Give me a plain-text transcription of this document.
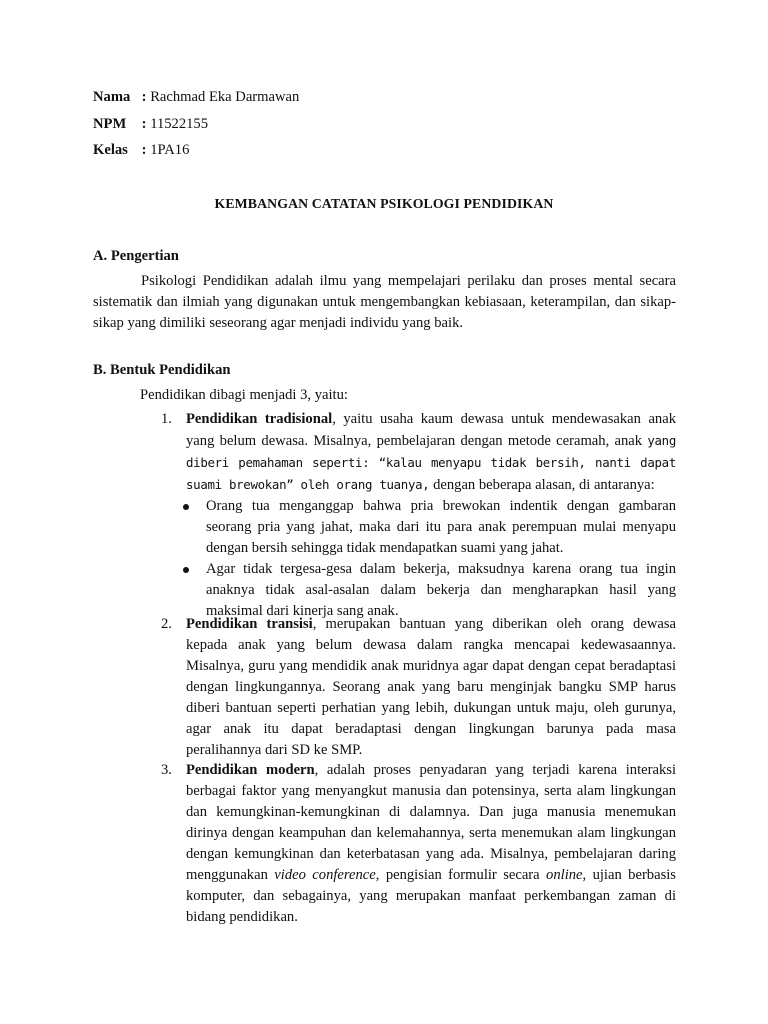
Nama : Rachmad Eka Darmawan
NPM : 11522155
Kelas : 1PA16
KEMBANGAN CATATAN PSIKOLOGI PENDIDIKAN
A. Pengertian
Psikologi Pendidikan adalah ilmu yang mempelajari perilaku dan proses mental secara sistematik dan ilmiah yang digunakan untuk mengembangkan kebiasaan, keterampilan, dan sikap-sikap yang dimiliki seseorang agar menjadi individu yang baik.
B. Bentuk Pendidikan
Pendidikan dibagi menjadi 3, yaitu:
1. Pendidikan tradisional, yaitu usaha kaum dewasa untuk mendewasakan anak yang belum dewasa. Misalnya, pembelajaran dengan metode ceramah, anak yang diberi pemahaman seperti: “kalau menyapu tidak bersih, nanti dapat suami brewokan” oleh orang tuanya, dengan beberapa alasan, di antaranya:
Orang tua menganggap bahwa pria brewokan indentik dengan gambaran seorang pria yang jahat, maka dari itu para anak perempuan mulai menyapu dengan bersih sehingga tidak mendapatkan suami yang jahat.
Agar tidak tergesa-gesa dalam bekerja, maksudnya karena orang tua ingin anaknya tidak asal-asalan dalam bekerja dan mengharapkan hasil yang maksimal dari kinerja sang anak.
2. Pendidikan transisi, merupakan bantuan yang diberikan oleh orang dewasa kepada anak yang belum dewasa dalam rangka mencapai kedewasaannya. Misalnya, guru yang mendidik anak muridnya agar dapat dengan cepat beradaptasi dengan lingkungannya. Seorang anak yang baru menginjak bangku SMP harus diberi bantuan seperti perhatian yang lebih, dukungan untuk maju, oleh gurunya, agar anak itu dapat beradaptasi dengan lingkungan barunya pada masa peralihannya dari SD ke SMP.
3. Pendidikan modern, adalah proses penyadaran yang terjadi karena interaksi berbagai faktor yang menyangkut manusia dan potensinya, serta alam lingkungan dan kemungkinan-kemungkinan di dalamnya. Dan juga manusia menemukan dirinya dengan keampuhan dan kelemahannya, serta menemukan alam lingkungan dengan kemungkinan dan keterbatasan yang ada. Misalnya, pembelajaran daring menggunakan video conference, pengisian formulir secara online, ujian berbasis komputer, dan sebagainya, yang merupakan manfaat perkembangan zaman di bidang pendidikan.
